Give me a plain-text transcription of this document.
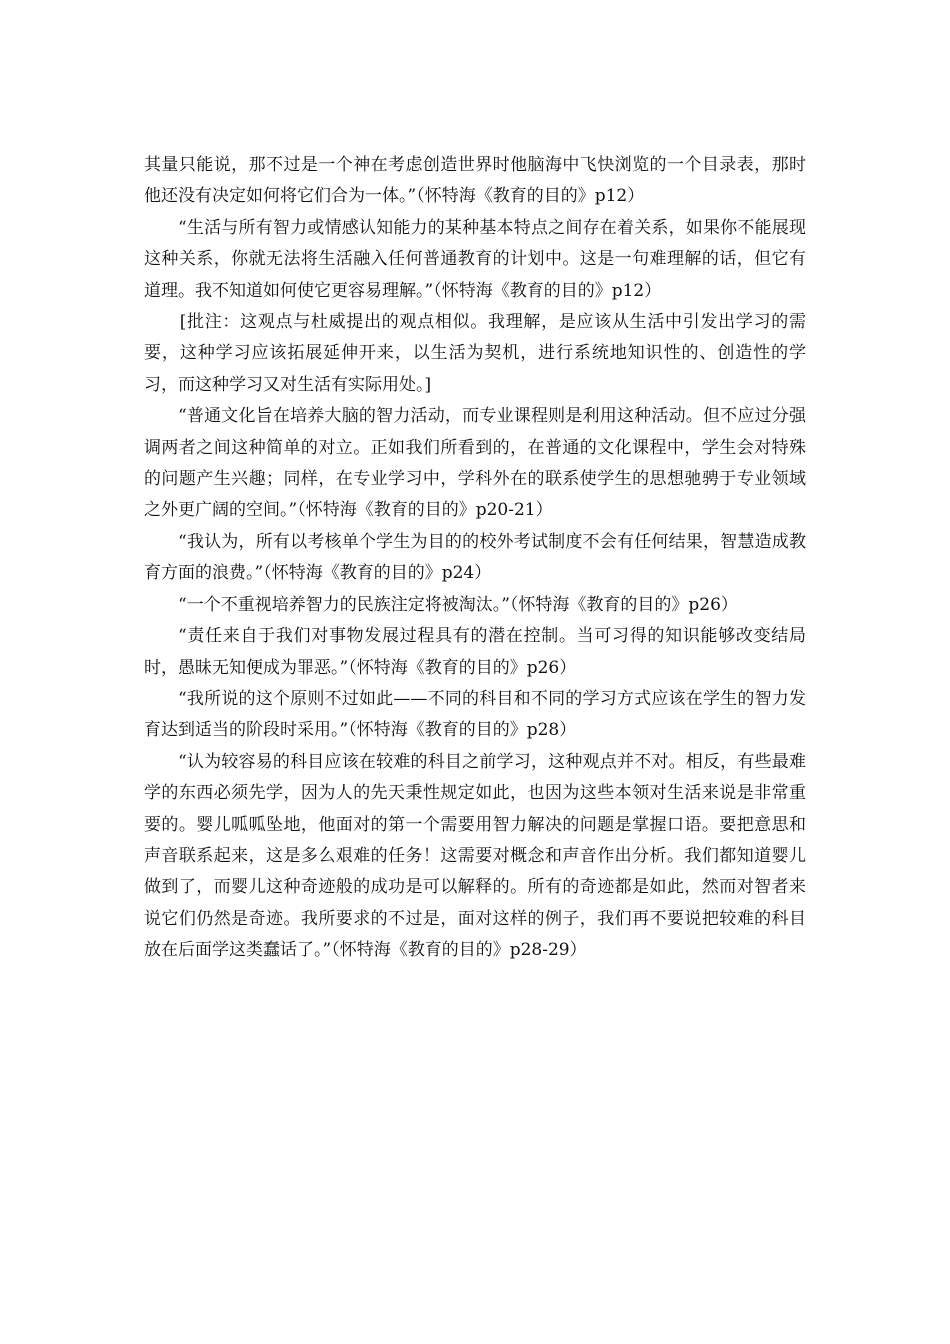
其量只能说，那不过是一个神在考虑创造世界时他脑海中飞快浏览的一个目录表，那时他还没有决定如何将它们合为一体。”（怀特海《教育的目的》p12）

“生活与所有智力或情感认知能力的某种基本特点之间存在着关系，如果你不能展现这种关系，你就无法将生活融入任何普通教育的计划中。这是一句难理解的话，但它有道理。我不知道如何使它更容易理解。”（怀特海《教育的目的》p12）

[批注：这观点与杜威提出的观点相似。我理解，是应该从生活中引发出学习的需要，这种学习应该拓展延伸开来，以生活为契机，进行系统地知识性的、创造性的学习，而这种学习又对生活有实际用处。]

“普通文化旨在培养大脑的智力活动，而专业课程则是利用这种活动。但不应过分强调两者之间这种简单的对立。正如我们所看到的，在普通的文化课程中，学生会对特殊的问题产生兴趣；同样，在专业学习中，学科外在的联系使学生的思想驰骋于专业领域之外更广阔的空间。”（怀特海《教育的目的》p20-21）

“我认为，所有以考核单个学生为目的的校外考试制度不会有任何结果，智慧造成教育方面的浪费。”（怀特海《教育的目的》p24）

“一个不重视培养智力的民族注定将被淘汰。”（怀特海《教育的目的》p26）

“责任来自于我们对事物发展过程具有的潜在控制。当可习得的知识能够改变结局时，愚昧无知便成为罪恶。”（怀特海《教育的目的》p26）

“我所说的这个原则不过如此——不同的科目和不同的学习方式应该在学生的智力发育达到适当的阶段时采用。”（怀特海《教育的目的》p28）

“认为较容易的科目应该在较难的科目之前学习，这种观点并不对。相反，有些最难学的东西必须先学，因为人的先天秉性规定如此，也因为这些本领对生活来说是非常重要的。婴儿呱呱坠地，他面对的第一个需要用智力解决的问题是掌握口语。要把意思和声音联系起来，这是多么艰难的任务！这需要对概念和声音作出分析。我们都知道婴儿做到了，而婴儿这种奇迹般的成功是可以解释的。所有的奇迹都是如此，然而对智者来说它们仍然是奇迹。我所要求的不过是，面对这样的例子，我们再不要说把较难的科目放在后面学这类蠢话了。”（怀特海《教育的目的》p28-29）
